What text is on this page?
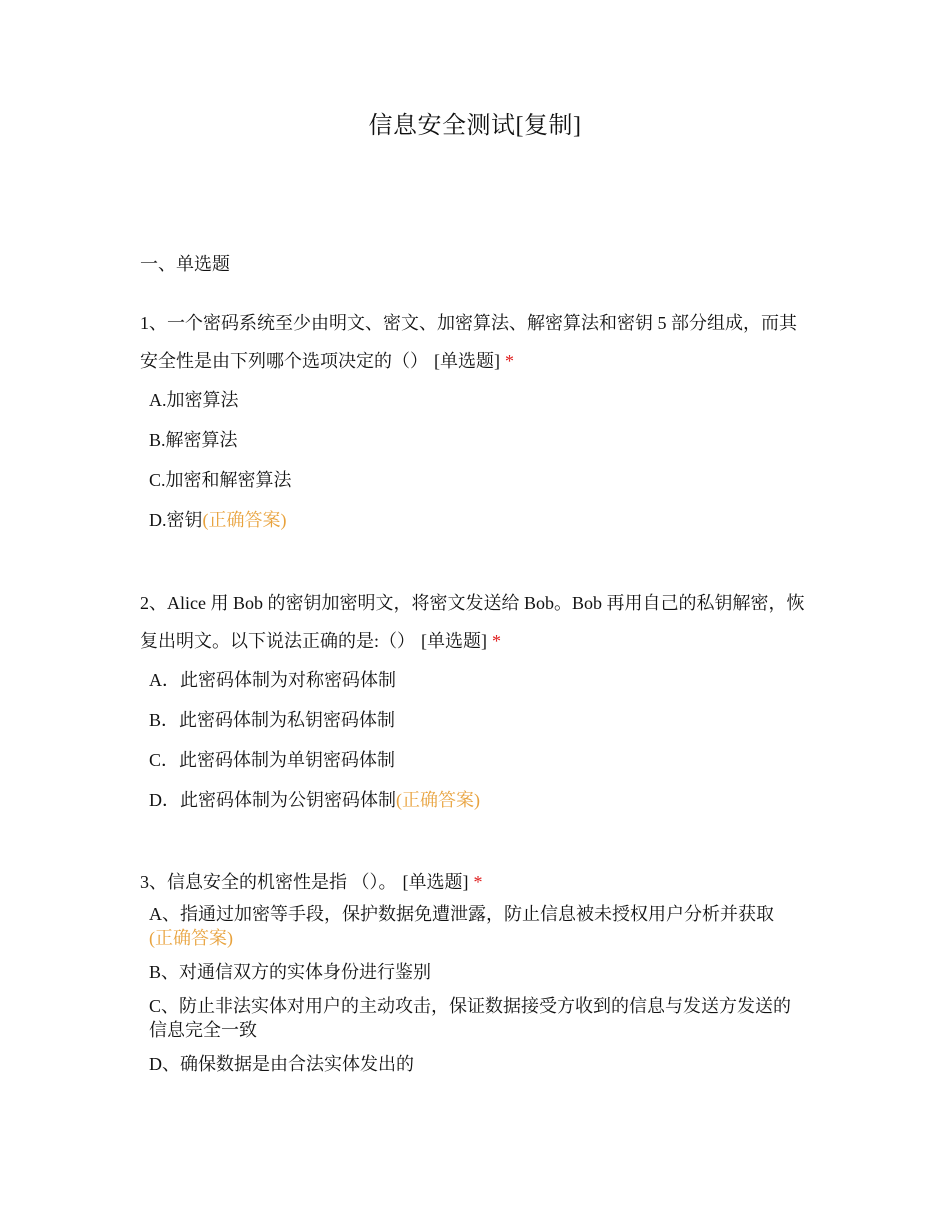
信息安全测试[复制]
一、单选题
1、一个密码系统至少由明文、密文、加密算法、解密算法和密钥 5 部分组成，而其安全性是由下列哪个选项决定的（） [单选题] *
A.加密算法
B.解密算法
C.加密和解密算法
D.密钥(正确答案)
2、Alice 用 Bob 的密钥加密明文，将密文发送给 Bob。Bob 再用自己的私钥解密，恢复出明文。以下说法正确的是:（） [单选题] *
A．此密码体制为对称密码体制
B．此密码体制为私钥密码体制
C．此密码体制为单钥密码体制
D．此密码体制为公钥密码体制(正确答案)
3、信息安全的机密性是指 （）。 [单选题] *
A、指通过加密等手段，保护数据免遭泄露，防止信息被未授权用户分析并获取
(正确答案)
B、对通信双方的实体身份进行鉴别
C、防止非法实体对用户的主动攻击，保证数据接受方收到的信息与发送方发送的信息完全一致
D、确保数据是由合法实体发出的
